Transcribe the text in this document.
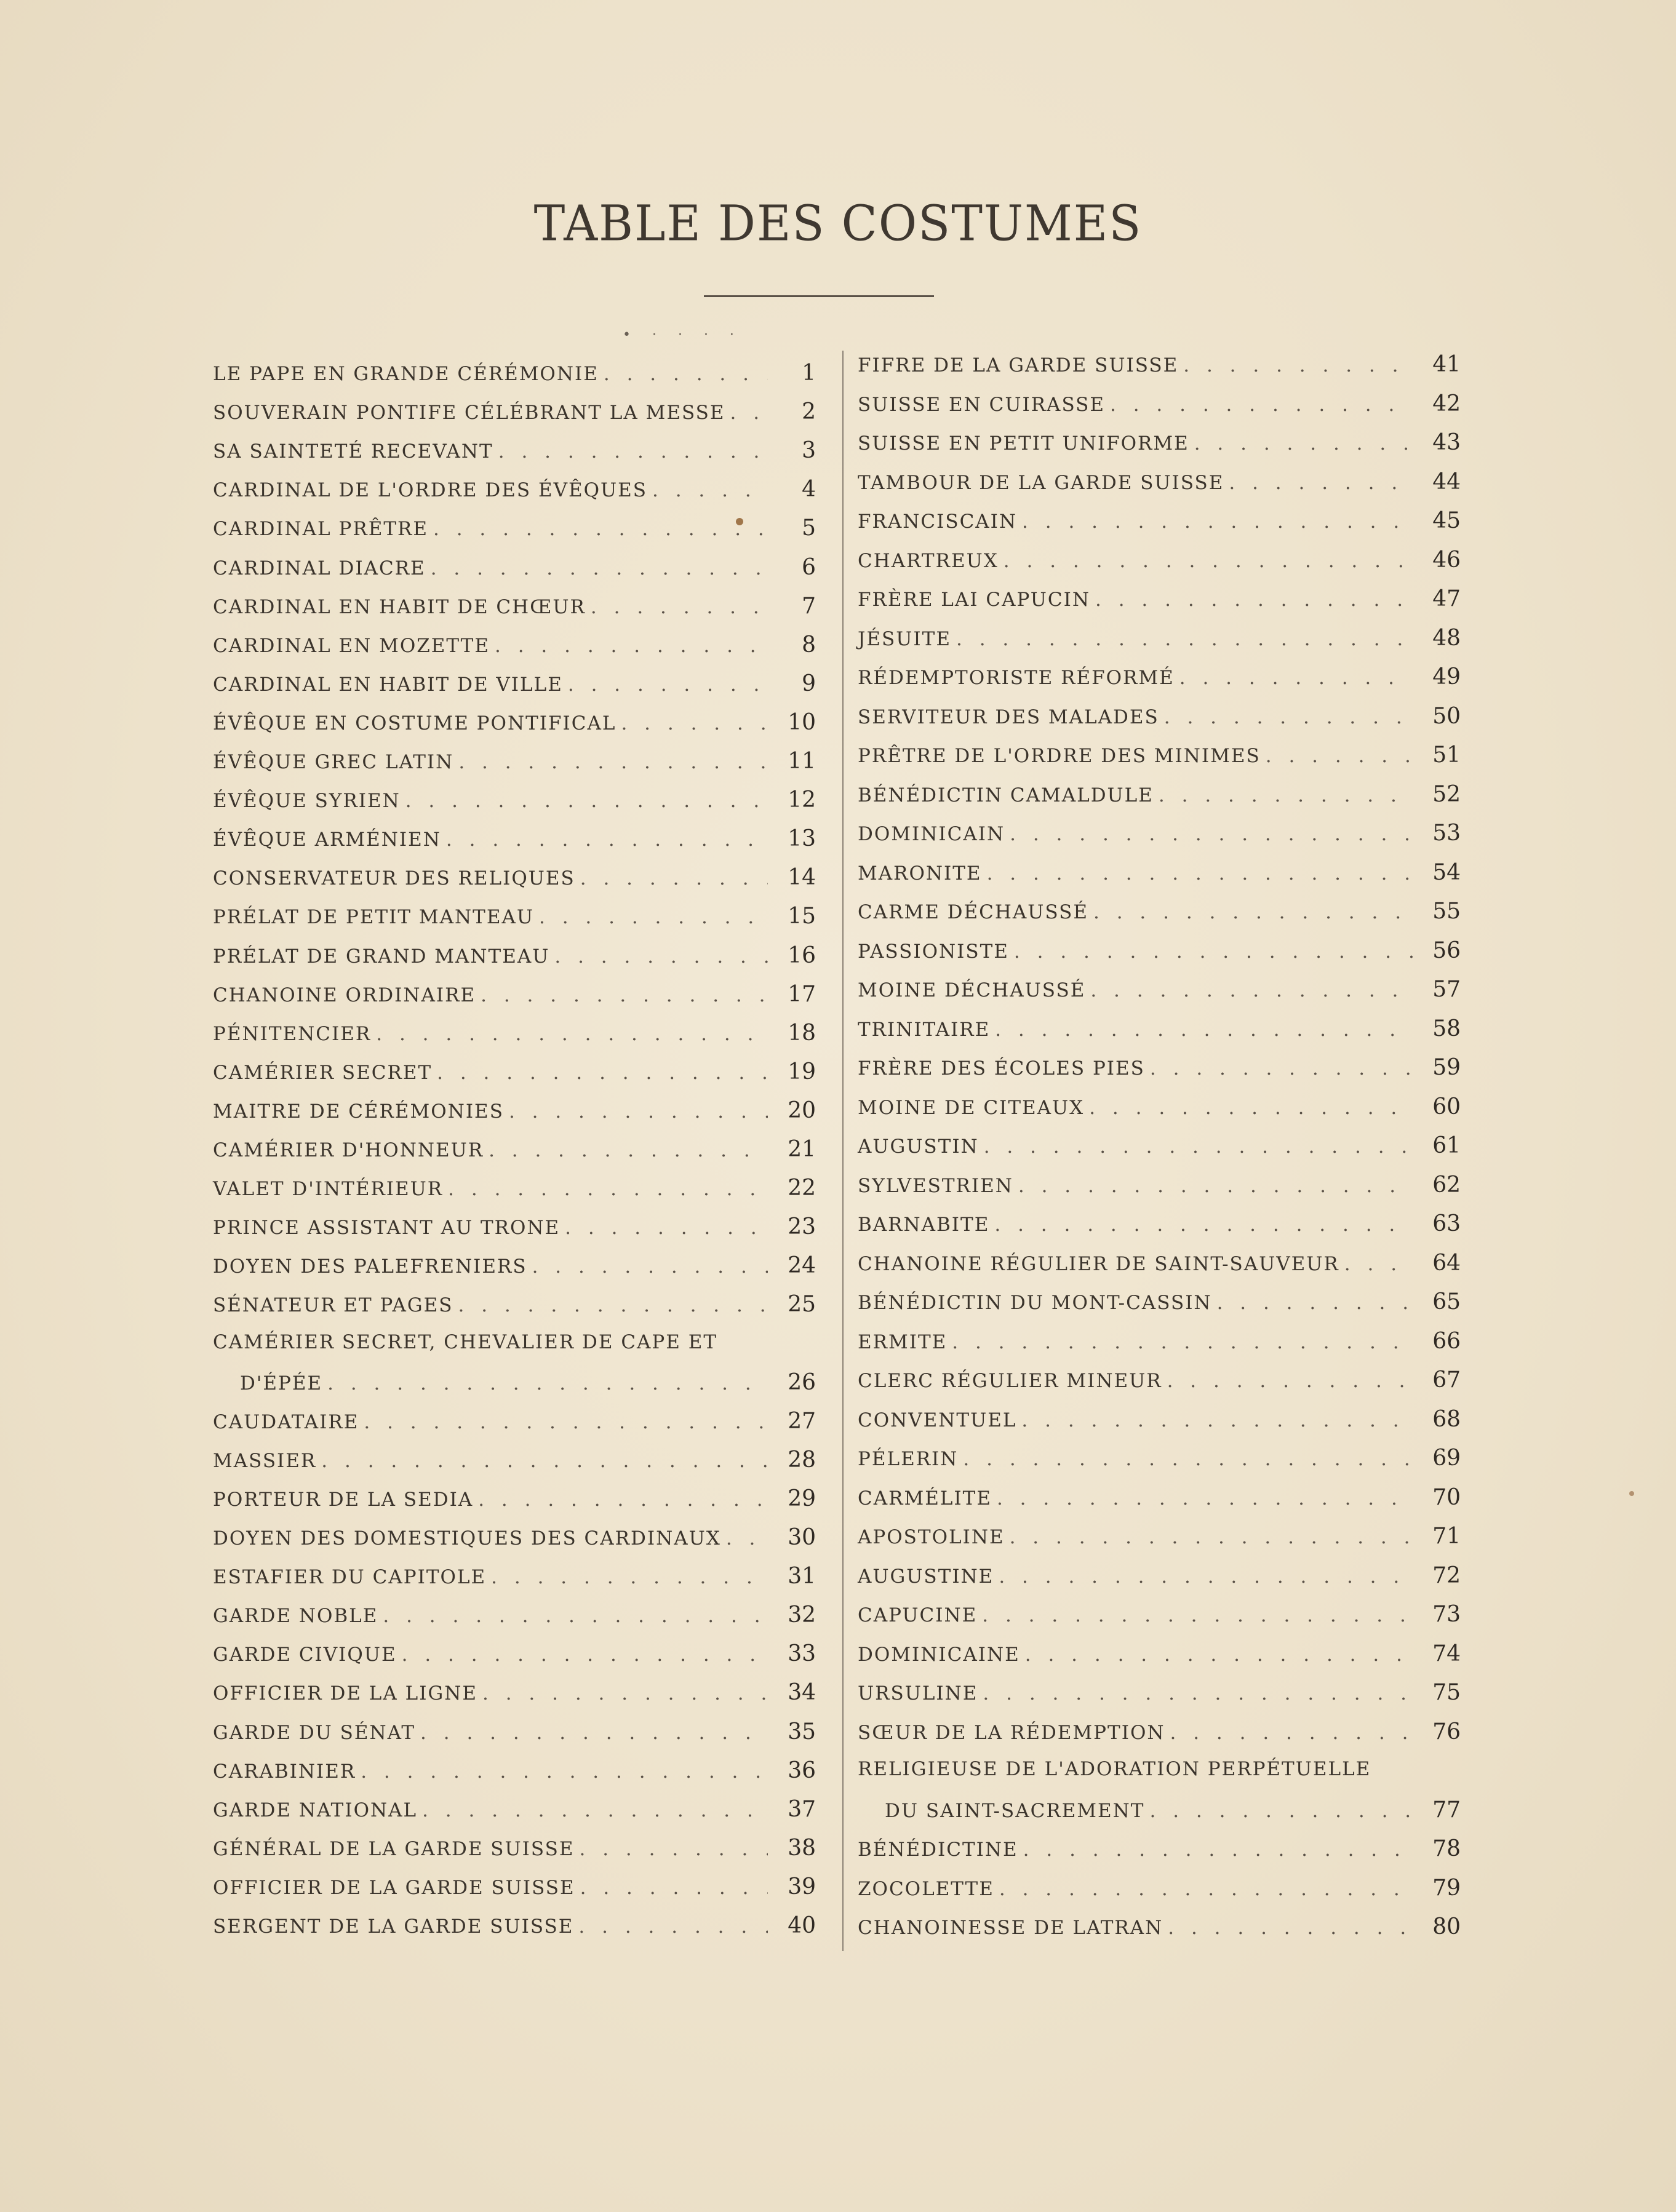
TABLE DES COSTUMES
• · · · ·
LE PAPE EN GRANDE CÉRÉMONIE . . .	1
SOUVERAIN PONTIFE CÉLÉBRANT LA MESSE . . .	2
SA SAINTETÉ RECEVANT . . .	3
CARDINAL DE L'ORDRE DES ÉVÊQUES . . .	4
CARDINAL PRÊTRE . . .	5
CARDINAL DIACRE . . .	6
CARDINAL EN HABIT DE CHŒUR . . .	7
CARDINAL EN MOZETTE . . .	8
CARDINAL EN HABIT DE VILLE . . .	9
ÉVÊQUE EN COSTUME PONTIFICAL . . .	10
ÉVÊQUE GREC LATIN . . .	11
ÉVÊQUE SYRIEN . . .	12
ÉVÊQUE ARMÉNIEN . . .	13
CONSERVATEUR DES RELIQUES . . .	14
PRÉLAT DE PETIT MANTEAU . . .	15
PRÉLAT DE GRAND MANTEAU . . .	16
CHANOINE ORDINAIRE . . .	17
PÉNITENCIER . . .	18
CAMÉRIER SECRET . . .	19
MAITRE DE CÉRÉMONIES . . .	20
CAMÉRIER D'HONNEUR . . .	21
VALET D'INTÉRIEUR . . .	22
PRINCE ASSISTANT AU TRONE . . .	23
DOYEN DES PALEFRENIERS . . .	24
SÉNATEUR ET PAGES . . .	25
CAMÉRIER SECRET, CHEVALIER DE CAPE ET
D'ÉPÉE . . .	26
CAUDATAIRE . . .	27
MASSIER . . .	28
PORTEUR DE LA SEDIA . . .	29
DOYEN DES DOMESTIQUES DES CARDINAUX . . .	30
ESTAFIER DU CAPITOLE . . .	31
GARDE NOBLE . . .	32
GARDE CIVIQUE . . .	33
OFFICIER DE LA LIGNE . . .	34
GARDE DU SÉNAT . . .	35
CARABINIER . . .	36
GARDE NATIONAL . . .	37
GÉNÉRAL DE LA GARDE SUISSE . . .	38
OFFICIER DE LA GARDE SUISSE . . .	39
SERGENT DE LA GARDE SUISSE . . .	40
FIFRE DE LA GARDE SUISSE . . .	41
SUISSE EN CUIRASSE . . .	42
SUISSE EN PETIT UNIFORME . . .	43
TAMBOUR DE LA GARDE SUISSE . . .	44
FRANCISCAIN . . .	45
CHARTREUX . . .	46
FRÈRE LAI CAPUCIN . . .	47
JÉSUITE . . .	48
RÉDEMPTORISTE RÉFORMÉ . . .	49
SERVITEUR DES MALADES . . .	50
PRÊTRE DE L'ORDRE DES MINIMES . . .	51
BÉNÉDICTIN CAMALDULE . . .	52
DOMINICAIN . . .	53
MARONITE . . .	54
CARME DÉCHAUSSÉ . . .	55
PASSIONISTE . . .	56
MOINE DÉCHAUSSÉ . . .	57
TRINITAIRE . . .	58
FRÈRE DES ÉCOLES PIES . . .	59
MOINE DE CITEAUX . . .	60
AUGUSTIN . . .	61
SYLVESTRIEN . . .	62
BARNABITE . . .	63
CHANOINE RÉGULIER DE SAINT-SAUVEUR . . .	64
BÉNÉDICTIN DU MONT-CASSIN . . .	65
ERMITE . . .	66
CLERC RÉGULIER MINEUR . . .	67
CONVENTUEL . . .	68
PÉLERIN . . .	69
CARMÉLITE . . .	70
APOSTOLINE . . .	71
AUGUSTINE . . .	72
CAPUCINE . . .	73
DOMINICAINE . . .	74
URSULINE . . .	75
SŒUR DE LA RÉDEMPTION . . .	76
RELIGIEUSE DE L'ADORATION PERPÉTUELLE
DU SAINT-SACREMENT . . .	77
BÉNÉDICTINE . . .	78
ZOCOLETTE . . .	79
CHANOINESSE DE LATRAN . . .	80
